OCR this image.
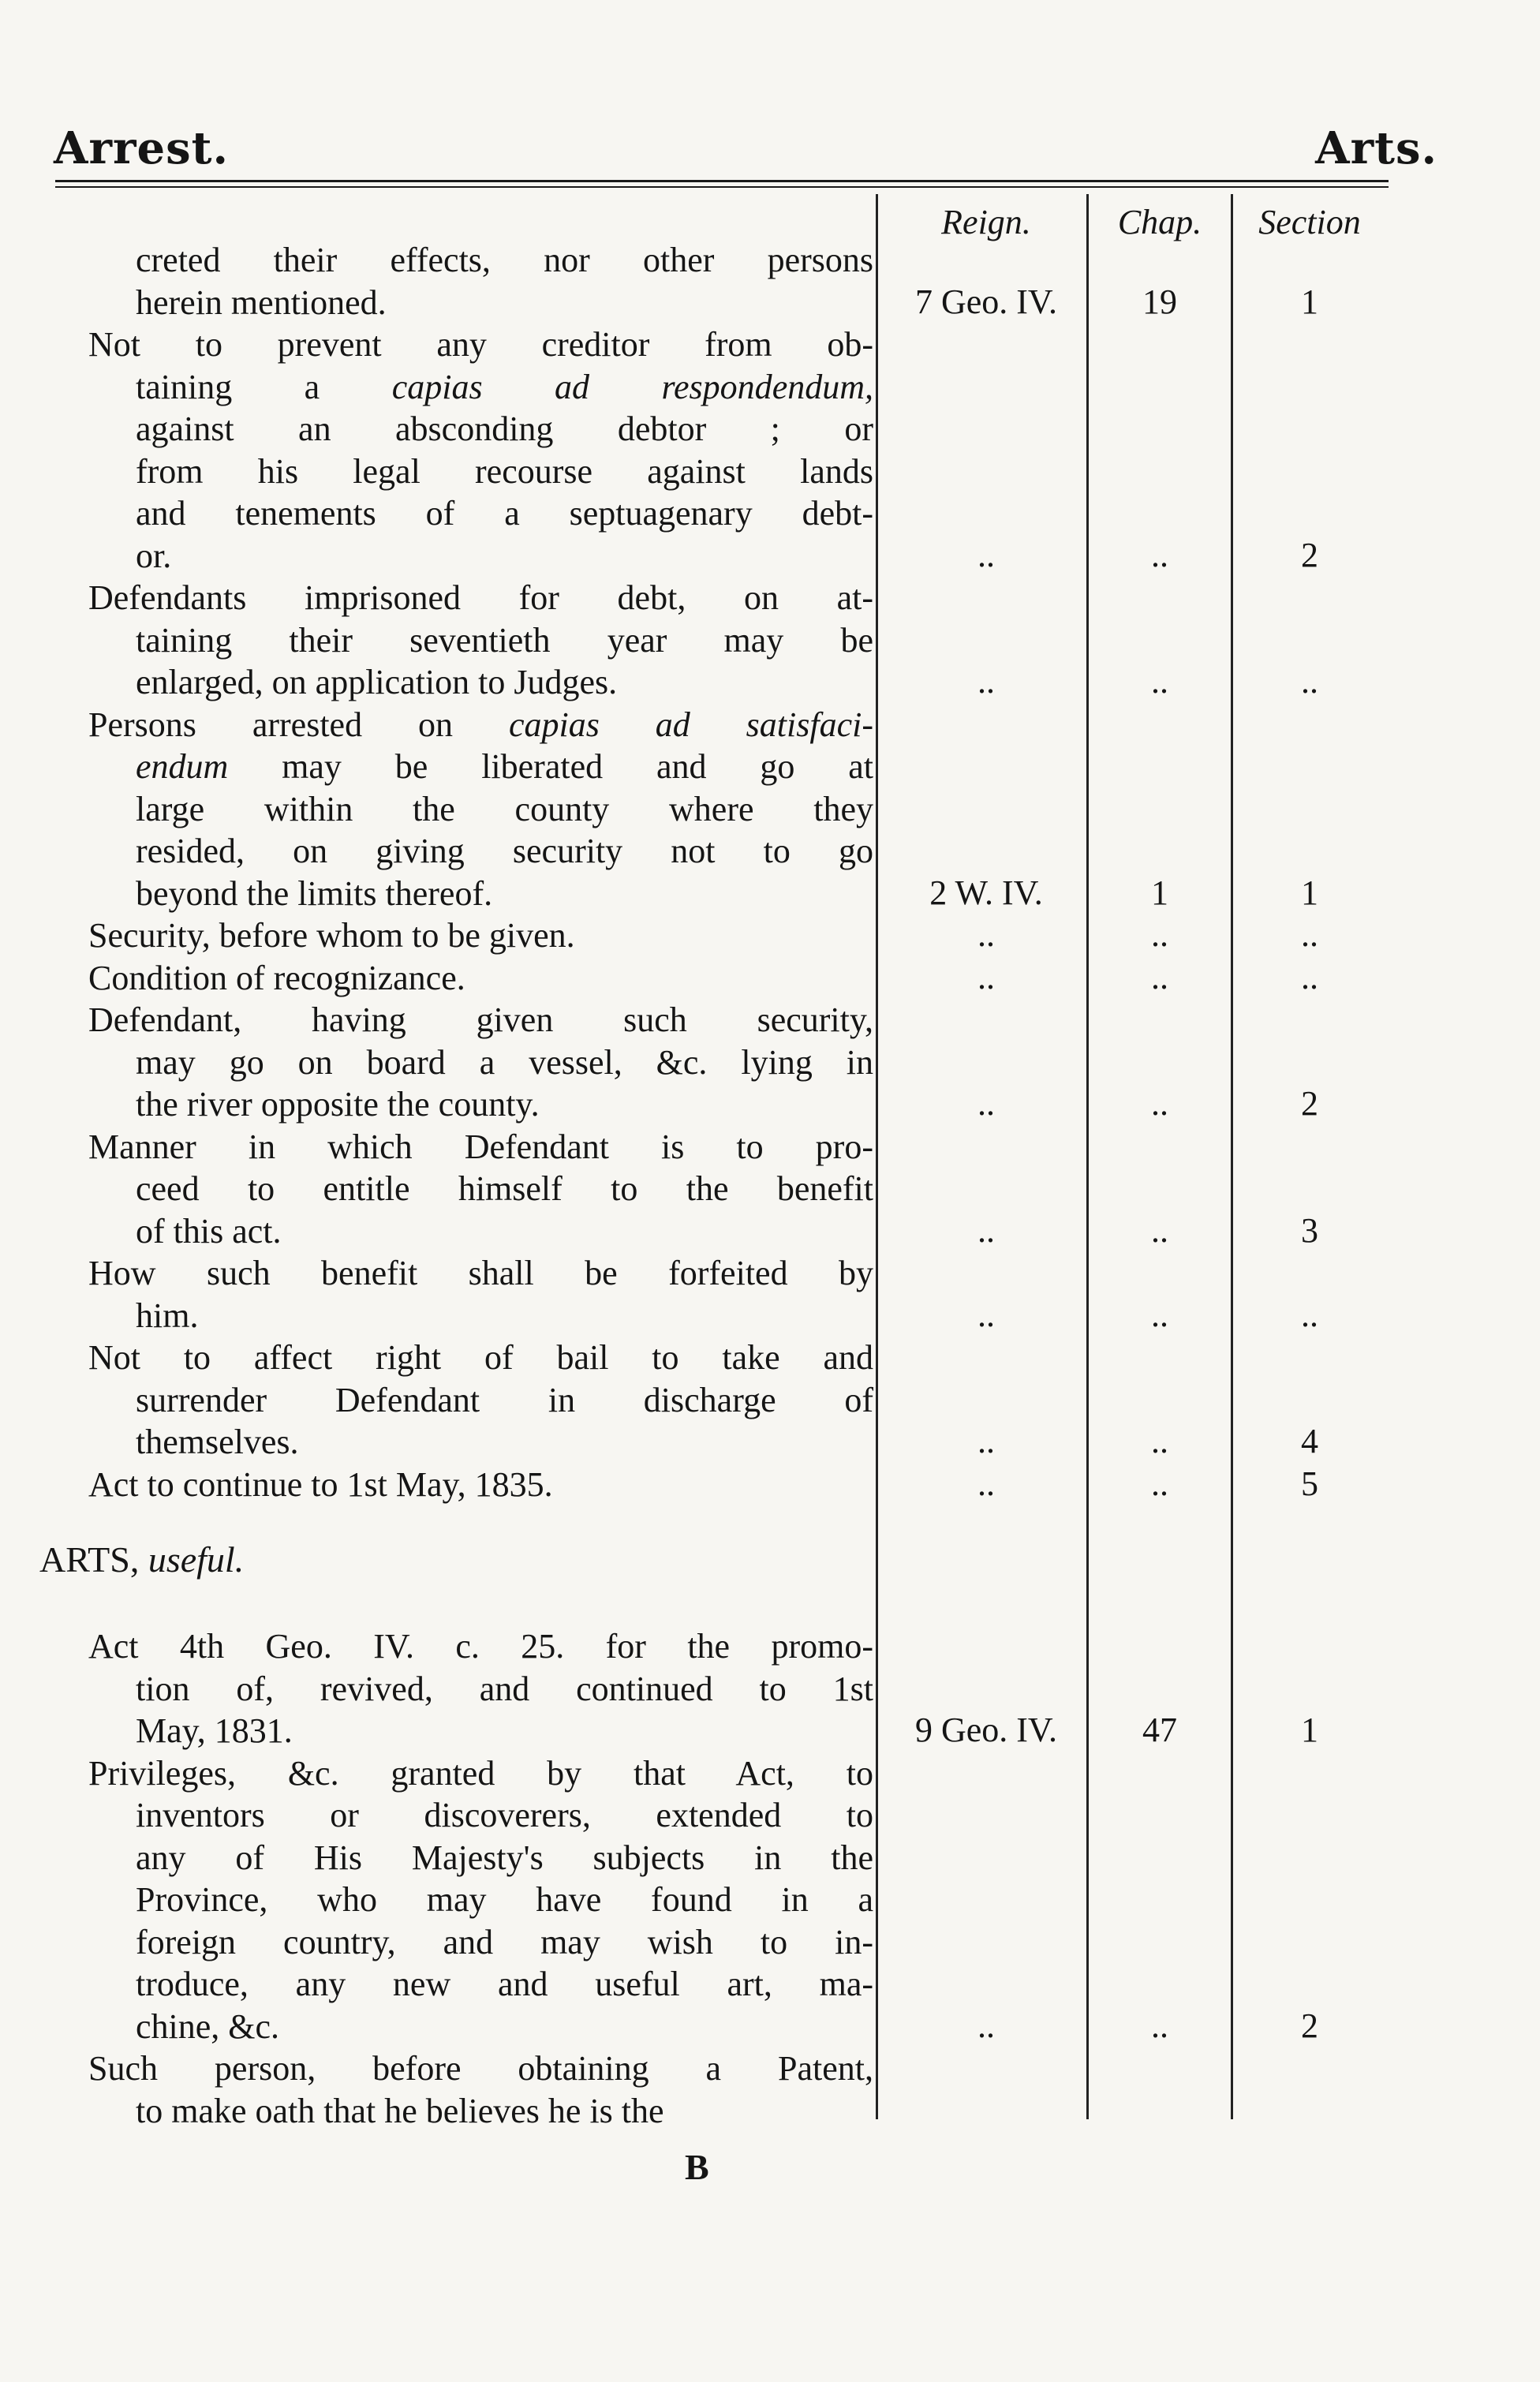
Arrest.	Arts.
Reign.	Chap.	Section
creted their effects, nor other persons
herein mentioned.	7 Geo. IV.	19	1
Not to prevent any creditor from ob-
taining a capias ad respondendum,
against an absconding debtor ; or
from his legal recourse against lands
and tenements of a septuagenary debt-
or.	..	..	2
Defendants imprisoned for debt, on at-
taining their seventieth year may be
enlarged, on application to Judges.	..	..	..
Persons arrested on capias ad satisfaci-
endum may be liberated and go at
large within the county where they
resided, on giving security not to go
beyond the limits thereof.	2 W. IV.	1	1
Security, before whom to be given.	..	..	..
Condition of recognizance.	..	..	..
Defendant, having given such security,
may go on board a vessel, &c. lying in
the river opposite the county.	..	..	2
Manner in which Defendant is to pro-
ceed to entitle himself to the benefit
of this act.	..	..	3
How such benefit shall be forfeited by
him.	..	..	..
Not to affect right of bail to take and
surrender Defendant in discharge of
themselves.	..	..	4
Act to continue to 1st May, 1835.	..	..	5
ARTS, useful.
Act 4th Geo. IV. c. 25. for the promo-
tion of, revived, and continued to 1st
May, 1831.	9 Geo. IV.	47	1
Privileges, &c. granted by that Act, to
inventors or discoverers, extended to
any of His Majesty's subjects in the
Province, who may have found in a
foreign country, and may wish to in-
troduce, any new and useful art, ma-
chine, &c.	..	..	2
Such person, before obtaining a Patent,
to make oath that he believes he is the
B
